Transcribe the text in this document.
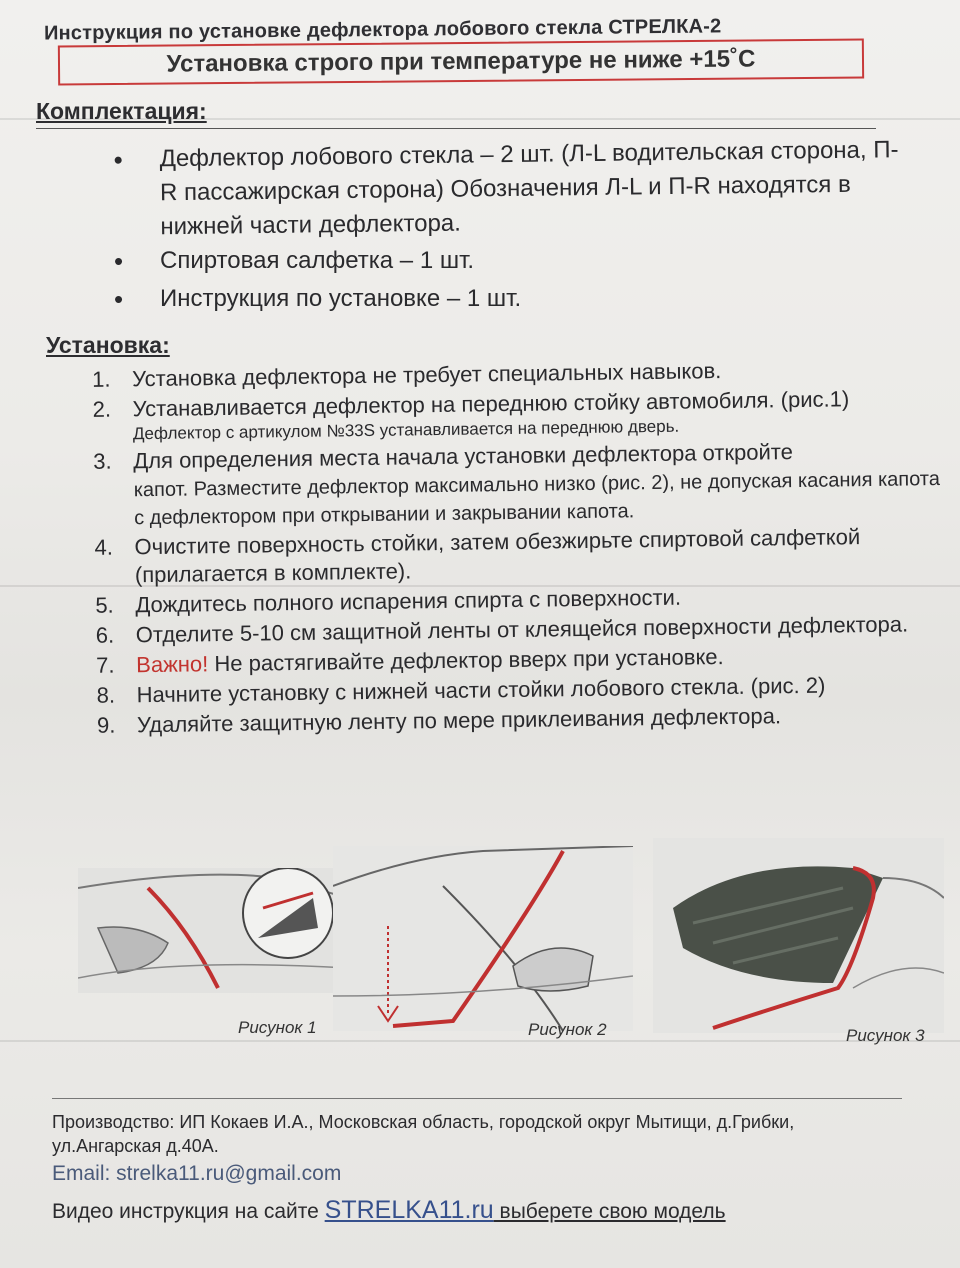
Инструкция по установке дефлектора лобового стекла СТРЕЛКА-2
Установка строго при температуре не ниже +15˚С
Комплектация:
• Дефлектор лобового стекла – 2 шт. (Л-L водительская сторона, П-R пассажирская сторона) Обозначения Л-L и П-R находятся в нижней части дефлектора.
• Спиртовая салфетка – 1 шт.
• Инструкция по установке – 1 шт.
Установка:
1. Установка дефлектора не требует специальных навыков.
2. Устанавливается дефлектор на переднюю стойку автомобиля. (рис.1)
Дефлектор с артикулом №33S устанавливается на переднюю дверь.
3. Для определения места начала установки дефлектора откройте
капот. Разместите дефлектор максимально низко (рис. 2), не допуская касания капота с дефлектором при открывании и закрывании капота.
4. Очистите поверхность стойки, затем обезжирьте спиртовой салфеткой (прилагается в комплекте).
5. Дождитесь полного испарения спирта с поверхности.
6. Отделите 5-10 см защитной ленты от клеящейся поверхности дефлектора.
7. Важно! Не растягивайте дефлектор вверх при установке.
8. Начните установку с нижней части стойки лобового стекла. (рис. 2)
9. Удаляйте защитную ленту по мере приклеивания дефлектора.
Рисунок 1	Рисунок 2	Рисунок 3
Производство: ИП Кокаев И.А., Московская область, городской округ Мытищи, д.Грибки,
ул.Ангарская д.40А.
Email: strelka11.ru@gmail.com
Видео инструкция на сайте STRELKA11.ru выберете свою модель
